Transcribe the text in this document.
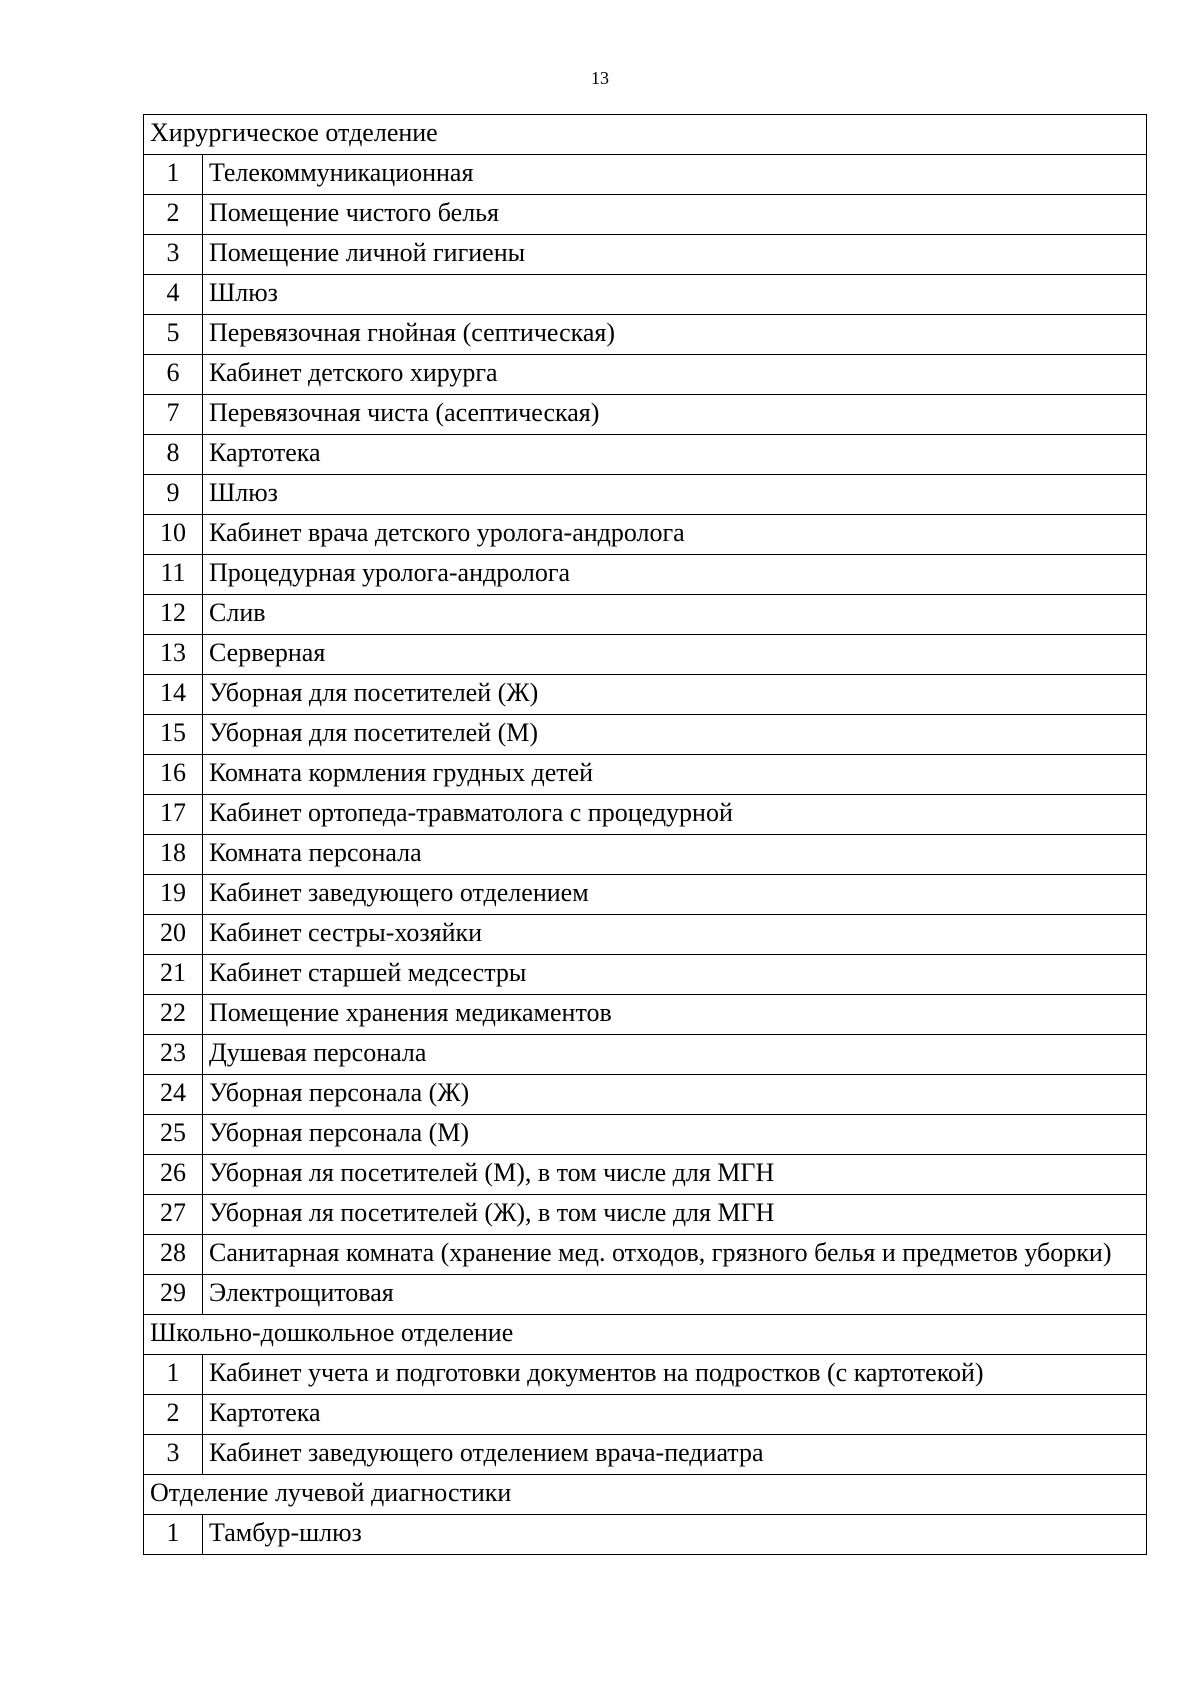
13
Хирургическое отделение	
1	Телекоммуникационная
2	Помещение чистого белья
3	Помещение личной гигиены
4	Шлюз
5	Перевязочная гнойная (септическая)
6	Кабинет детского хирурга
7	Перевязочная чиста (асептическая)
8	Картотека
9	Шлюз
10	Кабинет врача детского уролога-андролога
11	Процедурная уролога-андролога
12	Слив
13	Серверная
14	Уборная для посетителей (Ж)
15	Уборная для посетителей (М)
16	Комната кормления грудных детей
17	Кабинет ортопеда-травматолога с процедурной
18	Комната персонала
19	Кабинет заведующего отделением
20	Кабинет сестры-хозяйки
21	Кабинет старшей медсестры
22	Помещение хранения медикаментов
23	Душевая персонала
24	Уборная персонала (Ж)
25	Уборная персонала (М)
26	Уборная ля посетителей (М), в том числе для МГН
27	Уборная ля посетителей (Ж), в том числе для МГН
28	Санитарная комната (хранение мед. отходов, грязного белья и предметов уборки)
29	Электрощитовая
Школьно-дошкольное отделение	
1	Кабинет учета и подготовки документов на подростков (с картотекой)
2	Картотека
3	Кабинет заведующего отделением врача-педиатра
Отделение лучевой диагностики	
1	Тамбур-шлюз
